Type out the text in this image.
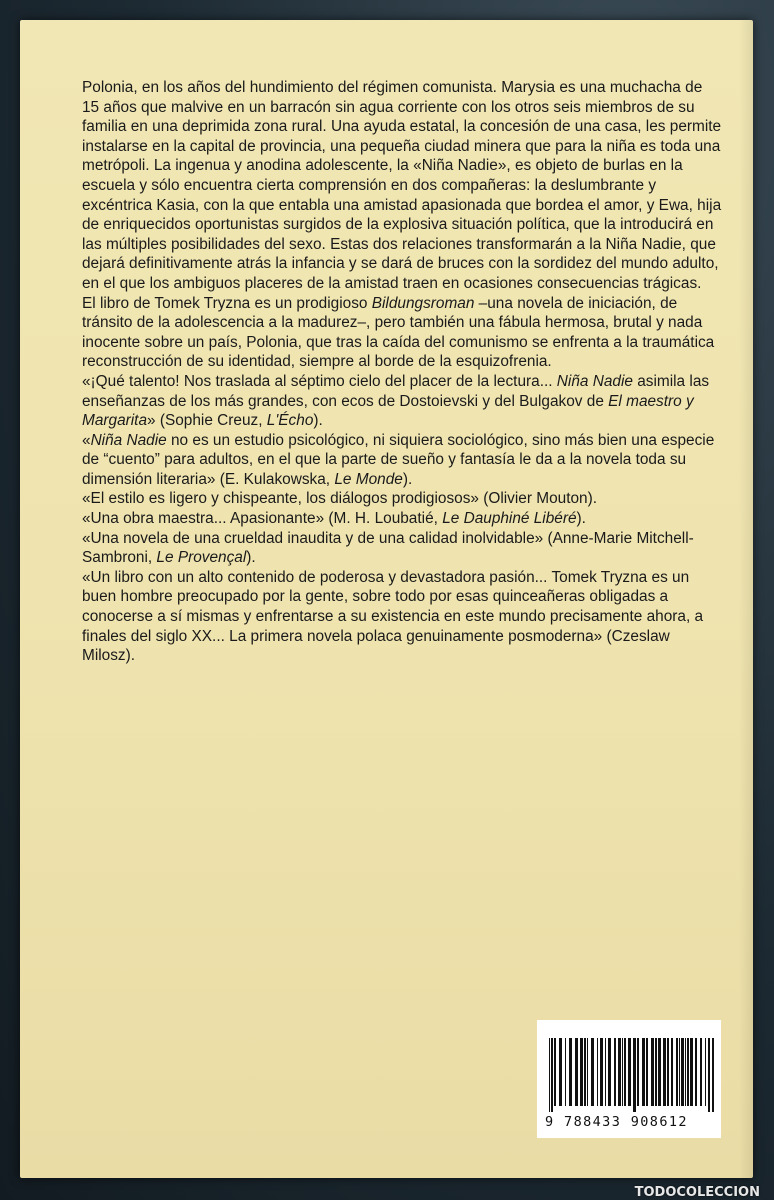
Polonia, en los años del hundimiento del régimen comunista. Marysia es una muchacha de 15 años que malvive en un barracón sin agua corriente con los otros seis miembros de su familia en una deprimida zona rural. Una ayuda estatal, la concesión de una casa, les permite instalarse en la capital de provincia, una pequeña ciudad minera que para la niña es toda una metrópoli. La ingenua y anodina adolescente, la «Niña Nadie», es objeto de burlas en la escuela y sólo encuentra cierta comprensión en dos compañeras: la deslumbrante y excéntrica Kasia, con la que entabla una amistad apasionada que bordea el amor, y Ewa, hija de enriquecidos oportunistas surgidos de la explosiva situación política, que la introducirá en las múltiples posibilidades del sexo. Estas dos relaciones transformarán a la Niña Nadie, que dejará definitivamente atrás la infancia y se dará de bruces con la sordidez del mundo adulto, en el que los ambiguos placeres de la amistad traen en ocasiones consecuencias trágicas.

El libro de Tomek Tryzna es un prodigioso Bildungsroman –una novela de iniciación, de tránsito de la adolescencia a la madurez–, pero también una fábula hermosa, brutal y nada inocente sobre un país, Polonia, que tras la caída del comunismo se enfrenta a la traumática reconstrucción de su identidad, siempre al borde de la esquizofrenia.

«¡Qué talento! Nos traslada al séptimo cielo del placer de la lectura... Niña Nadie asimila las enseñanzas de los más grandes, con ecos de Dostoievski y del Bulgakov de El maestro y Margarita» (Sophie Creuz, L'Écho).

«Niña Nadie no es un estudio psicológico, ni siquiera sociológico, sino más bien una especie de “cuento” para adultos, en el que la parte de sueño y fantasía le da a la novela toda su dimensión literaria» (E. Kulakowska, Le Monde).

«El estilo es ligero y chispeante, los diálogos prodigiosos» (Olivier Mouton).

«Una obra maestra... Apasionante» (M. H. Loubatié, Le Dauphiné Libéré).

«Una novela de una crueldad inaudita y de una calidad inolvidable» (Anne-Marie Mitchell-Sambroni, Le Provençal).

«Un libro con un alto contenido de poderosa y devastadora pasión... Tomek Tryzna es un buen hombre preocupado por la gente, sobre todo por esas quinceañeras obligadas a conocerse a sí mismas y enfrentarse a su existencia en este mundo precisamente ahora, a finales del siglo XX... La primera novela polaca genuinamente posmoderna» (Czeslaw Milosz).

9 788433 908612
TODOCOLECCION
